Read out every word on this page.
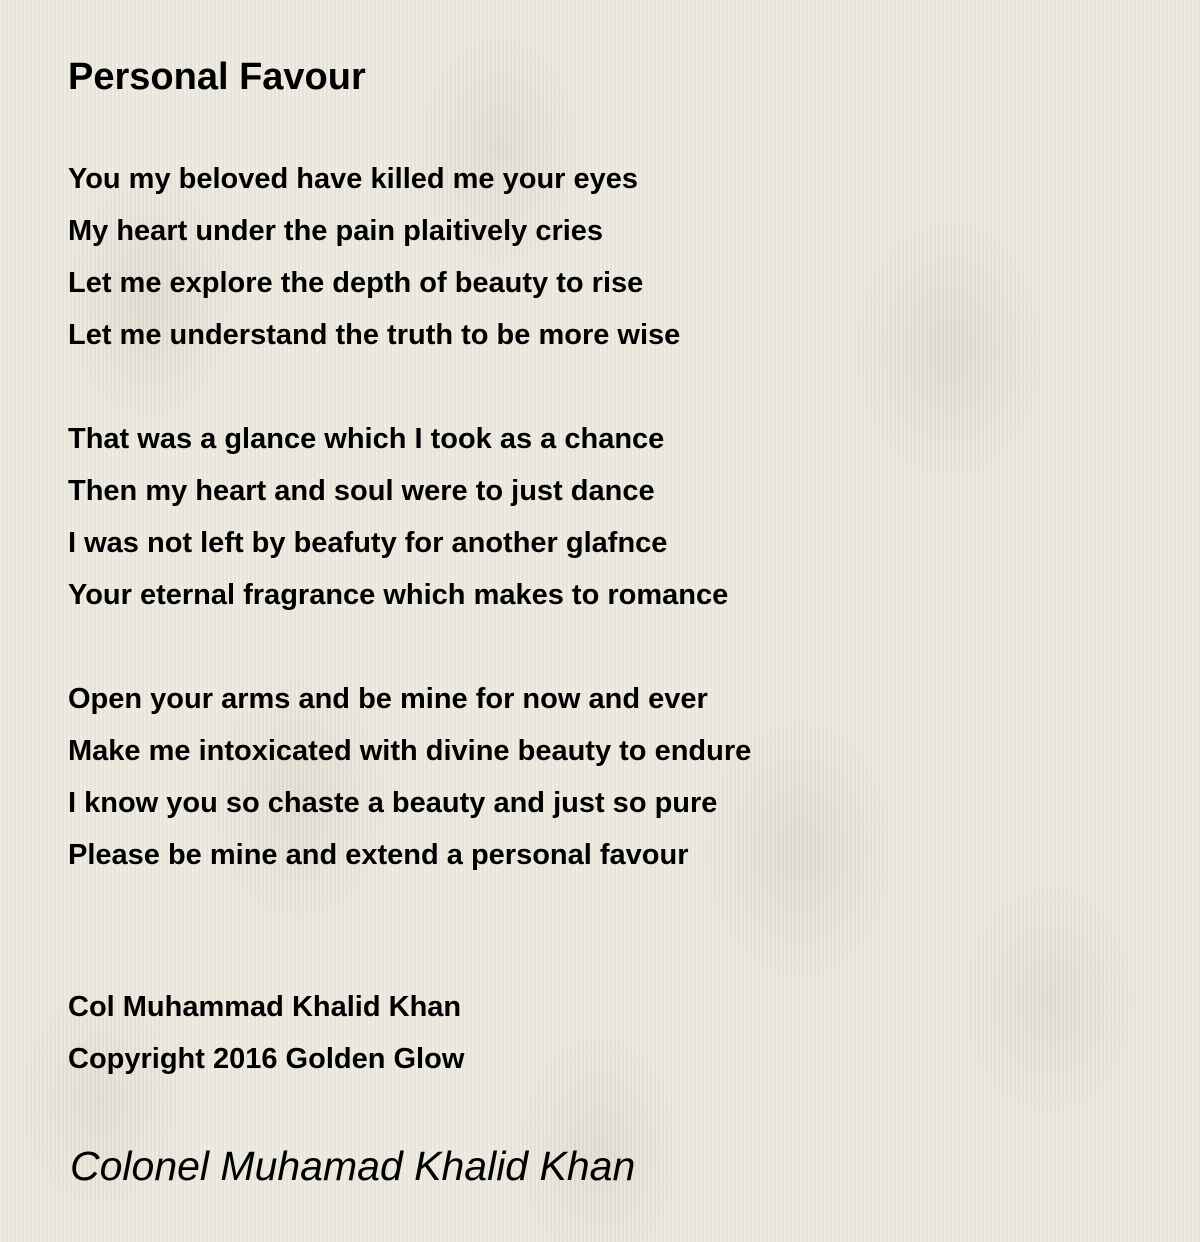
Personal Favour
You my beloved have killed me your eyes
My heart under the pain plaitively cries
Let me explore the depth of beauty to rise
Let me understand the truth to be more wise
That was a glance which I took as a chance
Then my heart and soul were to just dance
I was not left by beafuty for another glafnce
Your eternal fragrance which makes to romance
Open your arms and be mine for now and ever
Make me intoxicated with divine beauty to endure
I know you so chaste a beauty and just so pure
Please be mine and extend a personal favour
Col Muhammad Khalid Khan
Copyright 2016 Golden Glow
Colonel Muhamad Khalid Khan
